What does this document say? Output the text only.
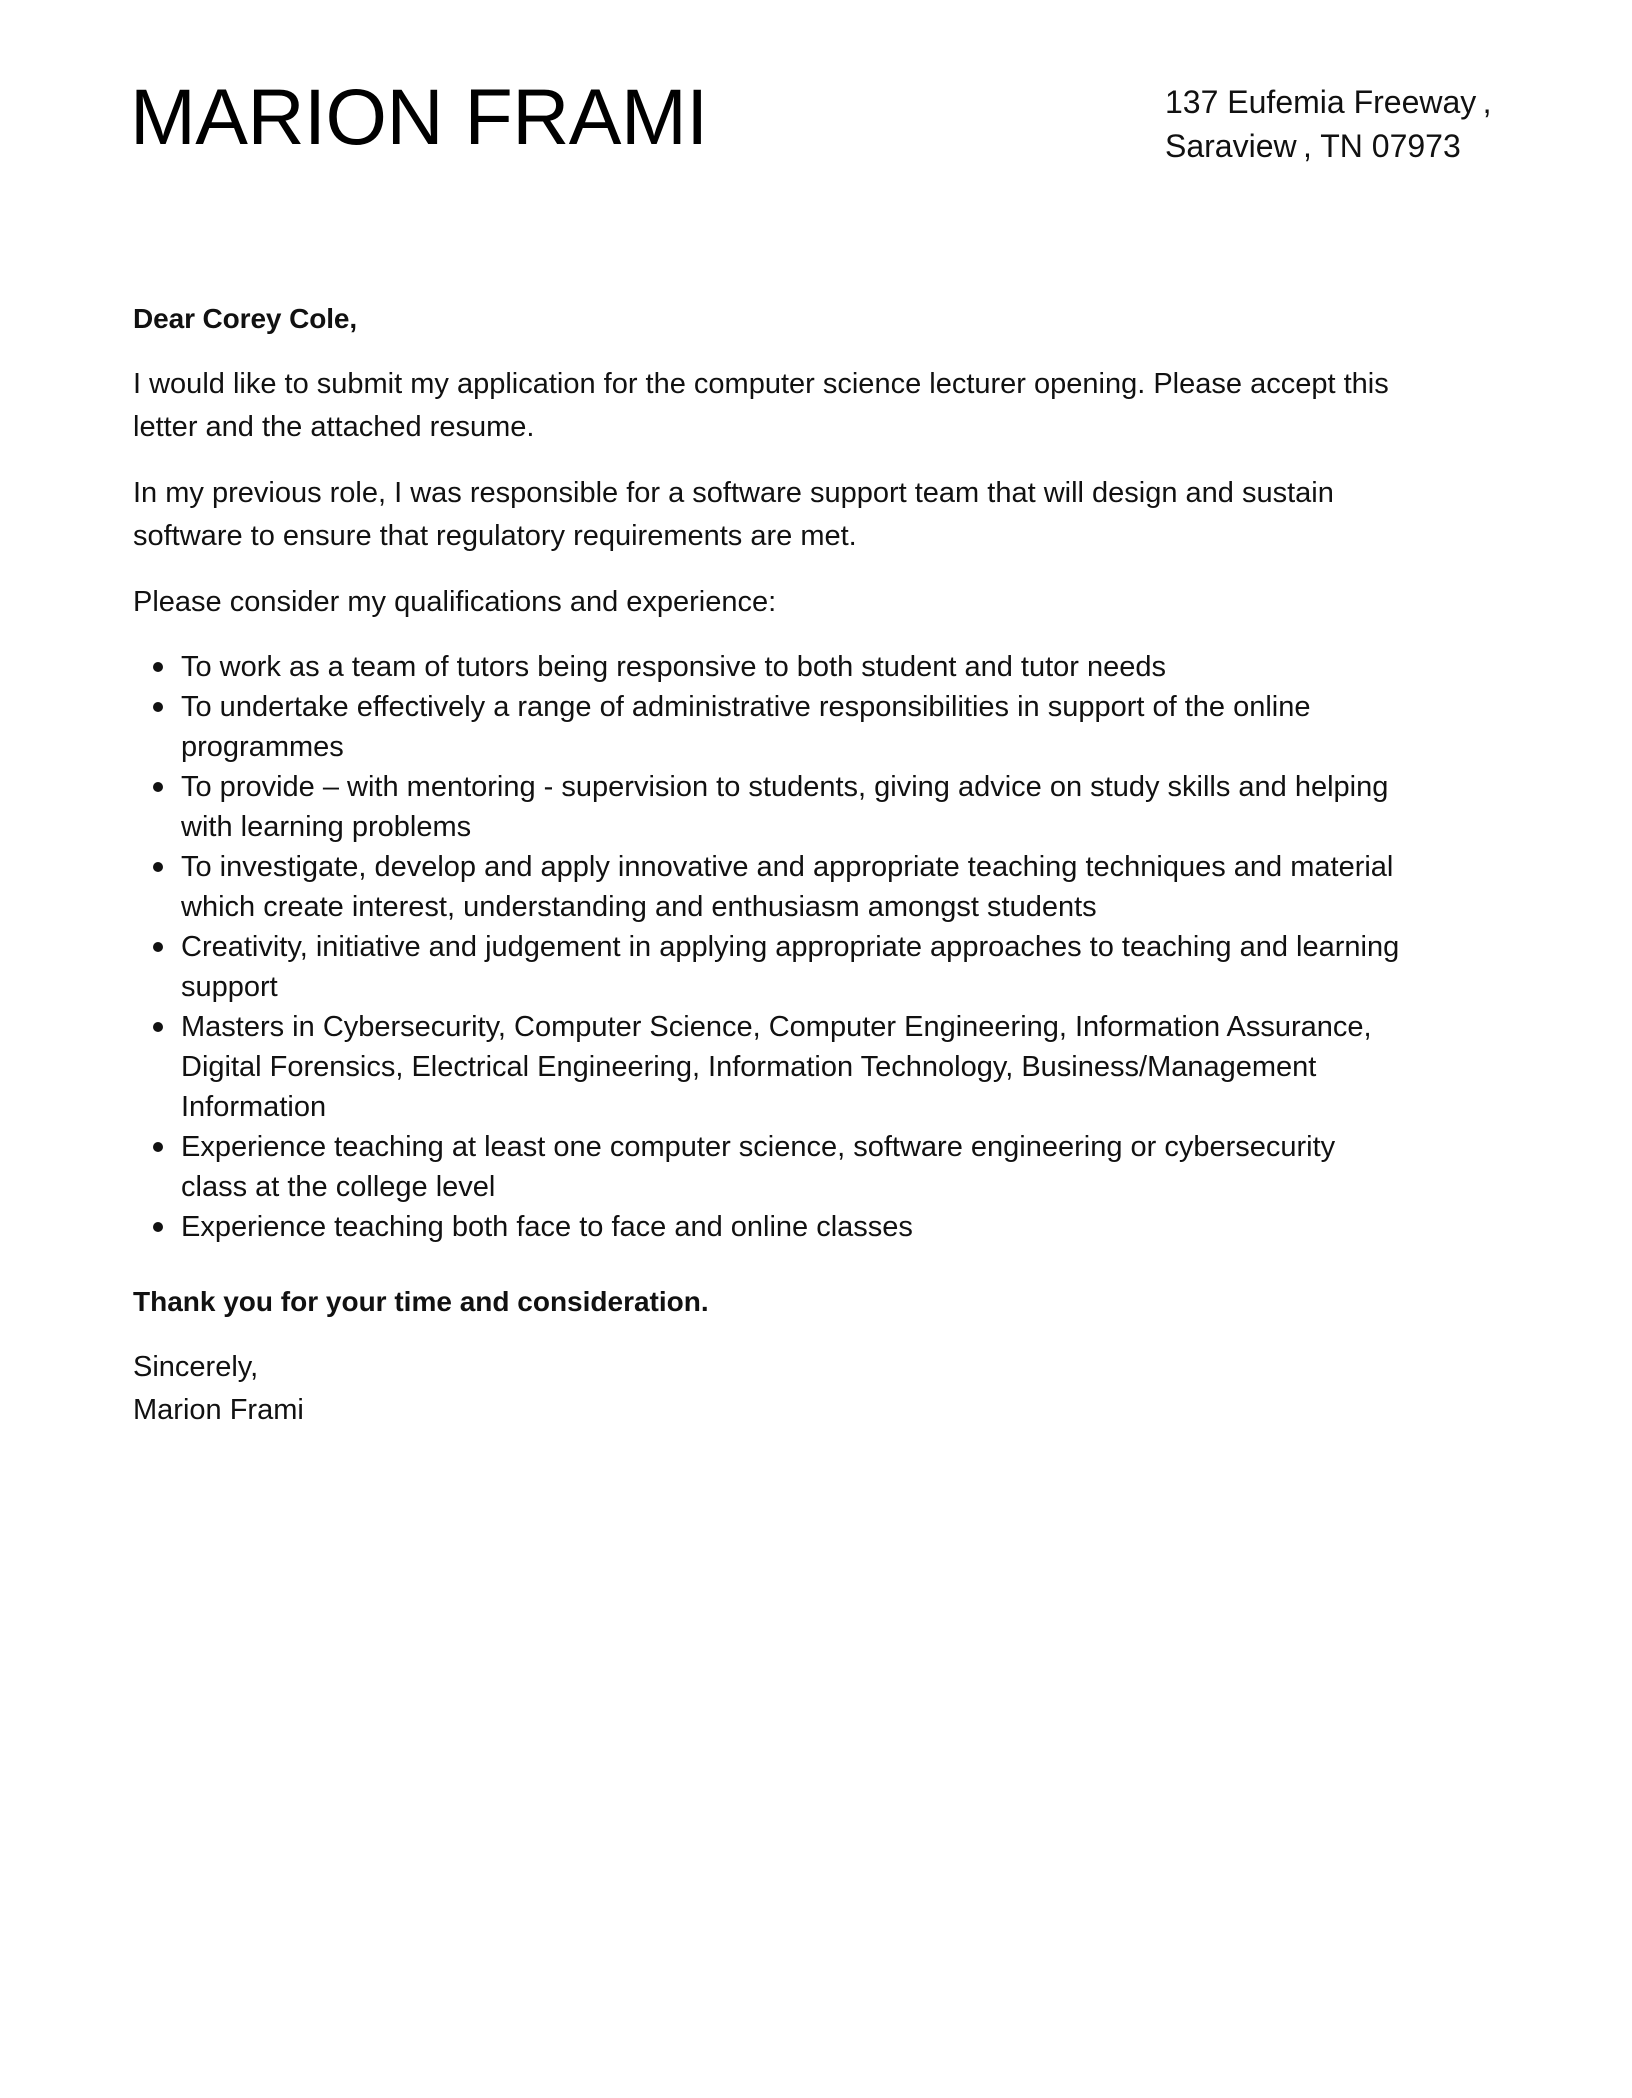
MARION FRAMI	137 Eufemia Freeway ,
Saraview , TN 07973

Dear Corey Cole,

I would like to submit my application for the computer science lecturer opening. Please accept this
letter and the attached resume.

In my previous role, I was responsible for a software support team that will design and sustain
software to ensure that regulatory requirements are met.

Please consider my qualifications and experience:

To work as a team of tutors being responsive to both student and tutor needs
To undertake effectively a range of administrative responsibilities in support of the online
programmes
To provide – with mentoring - supervision to students, giving advice on study skills and helping
with learning problems
To investigate, develop and apply innovative and appropriate teaching techniques and material
which create interest, understanding and enthusiasm amongst students
Creativity, initiative and judgement in applying appropriate approaches to teaching and learning
support
Masters in Cybersecurity, Computer Science, Computer Engineering, Information Assurance,
Digital Forensics, Electrical Engineering, Information Technology, Business/Management
Information
Experience teaching at least one computer science, software engineering or cybersecurity
class at the college level
Experience teaching both face to face and online classes

Thank you for your time and consideration.

Sincerely,
Marion Frami
